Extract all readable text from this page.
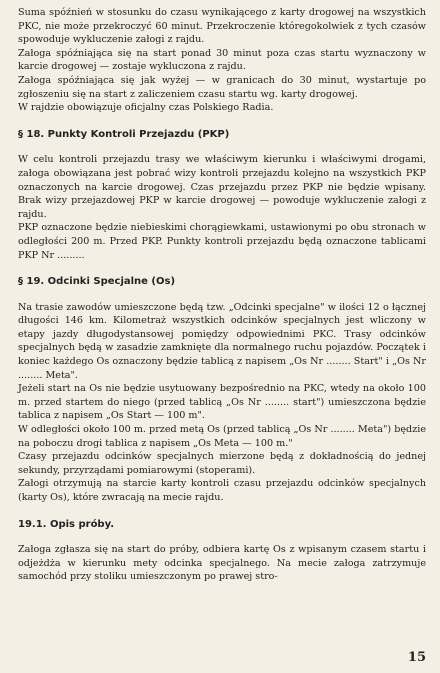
Suma spóźnień w stosunku do czasu wynikającego z karty drogowej na wszystkich PKC, nie może przekroczyć 60 minut. Przekroczenie któregokolwiek z tych czasów spowoduje wykluczenie załogi z rajdu.

Załoga spóźniająca się na start ponad 30 minut poza czas startu wyznaczony w karcie drogowej — zostaje wykluczona z rajdu.

Załoga spóźniająca się jak wyżej — w granicach do 30 minut, wystartuje po zgłoszeniu się na start z zaliczeniem czasu startu wg. karty drogowej.

W rajdzie obowiązuje oficjalny czas Polskiego Radia.

§ 18. Punkty Kontroli Przejazdu (PKP)

W celu kontroli przejazdu trasy we właściwym kierunku i właściwymi drogami, załoga obowiązana jest pobrać wizy kontroli przejazdu kolejno na wszystkich PKP oznaczonych na karcie drogowej. Czas przejazdu przez PKP nie będzie wpisany. Brak wizy przejazdowej PKP w karcie drogowej — powoduje wykluczenie załogi z rajdu.

PKP oznaczone będzie niebieskimi chorągiewkami, ustawionymi po obu stronach w odległości 200 m. Przed PKP. Punkty kontroli przejazdu będą oznaczone tablicami PKP Nr .........

§ 19. Odcinki Specjalne (Os)

Na trasie zawodów umieszczone będą tzw. „Odcinki specjalne" w ilości 12 o łącznej długości 146 km. Kilometraż wszystkich odcinków specjalnych jest wliczony w etapy jazdy długodystansowej pomiędzy odpowiednimi PKC. Trasy odcinków specjalnych będą w zasadzie zamknięte dla normalnego ruchu pojazdów. Początek i koniec każdego Os oznaczony będzie tablicą z napisem „Os Nr ........ Start" i „Os Nr ........ Meta".

Jeżeli start na Os nie będzie usytuowany bezpośrednio na PKC, wtedy na około 100 m. przed startem do niego (przed tablicą „Os Nr ........ start") umieszczona będzie tablica z napisem „Os Start — 100 m".

W odległości około 100 m. przed metą Os (przed tablicą „Os Nr ........ Meta") będzie na poboczu drogi tablica z napisem „Os Meta — 100 m."

Czasy przejazdu odcinków specjalnych mierzone będą z dokładnością do jednej sekundy, przyrządami pomiarowymi (stoperami).

Załogi otrzymują na starcie karty kontroli czasu przejazdu odcinków specjalnych (karty Os), które zwracają na mecie rajdu.

19.1. Opis próby.

Załoga zgłasza się na start do próby, odbiera kartę Os z wpisanym czasem startu i odjeżdża w kierunku mety odcinka specjalnego. Na mecie załoga zatrzymuje samochód przy stoliku umieszczonym po prawej stro-

15
